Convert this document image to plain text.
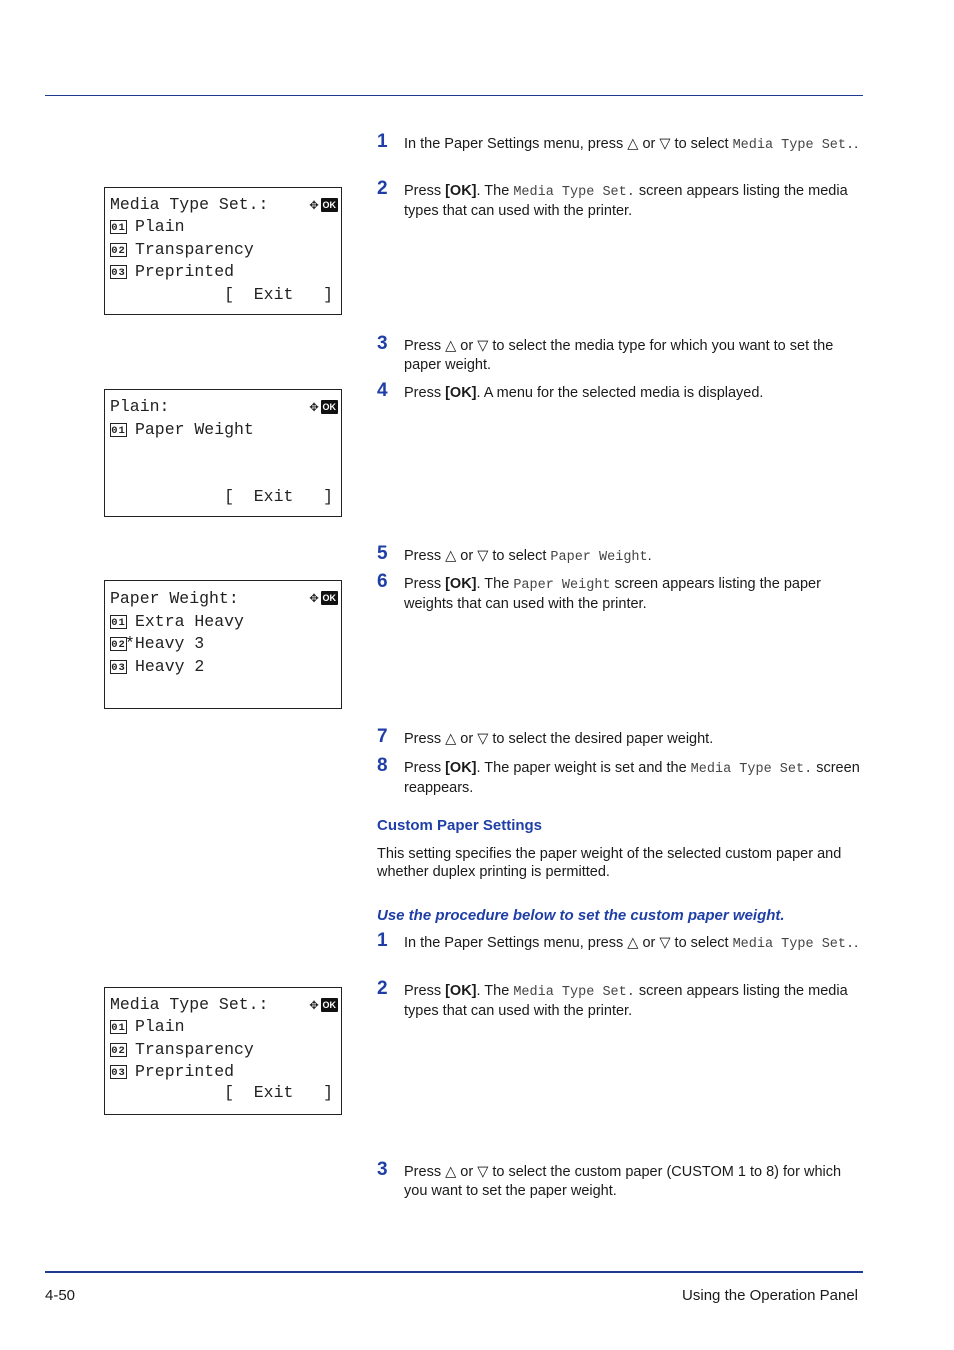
Media Type Set.:	✥ OK
01 Plain
02 Transparency
03 Preprinted
[  Exit   ]
Plain:	✥ OK
01 Paper Weight
[  Exit   ]
Paper Weight:	✥ OK
01 Extra Heavy
02*Heavy 3
03 Heavy 2
Media Type Set.:	✥ OK
01 Plain
02 Transparency
03 Preprinted
[  Exit   ]
1 In the Paper Settings menu, press △ or ▽ to select Media Type Set..
2 Press [OK]. The Media Type Set. screen appears listing the media types that can used with the printer.
3 Press △ or ▽ to select the media type for which you want to set the paper weight.
4 Press [OK]. A menu for the selected media is displayed.
5 Press △ or ▽ to select Paper Weight.
6 Press [OK]. The Paper Weight screen appears listing the paper weights that can used with the printer.
7 Press △ or ▽ to select the desired paper weight.
8 Press [OK]. The paper weight is set and the Media Type Set. screen reappears.
Custom Paper Settings
This setting specifies the paper weight of the selected custom paper and whether duplex printing is permitted.
Use the procedure below to set the custom paper weight.
1 In the Paper Settings menu, press △ or ▽ to select Media Type Set..
2 Press [OK]. The Media Type Set. screen appears listing the media types that can used with the printer.
3 Press △ or ▽ to select the custom paper (CUSTOM 1 to 8) for which you want to set the paper weight.
4-50	Using the Operation Panel
